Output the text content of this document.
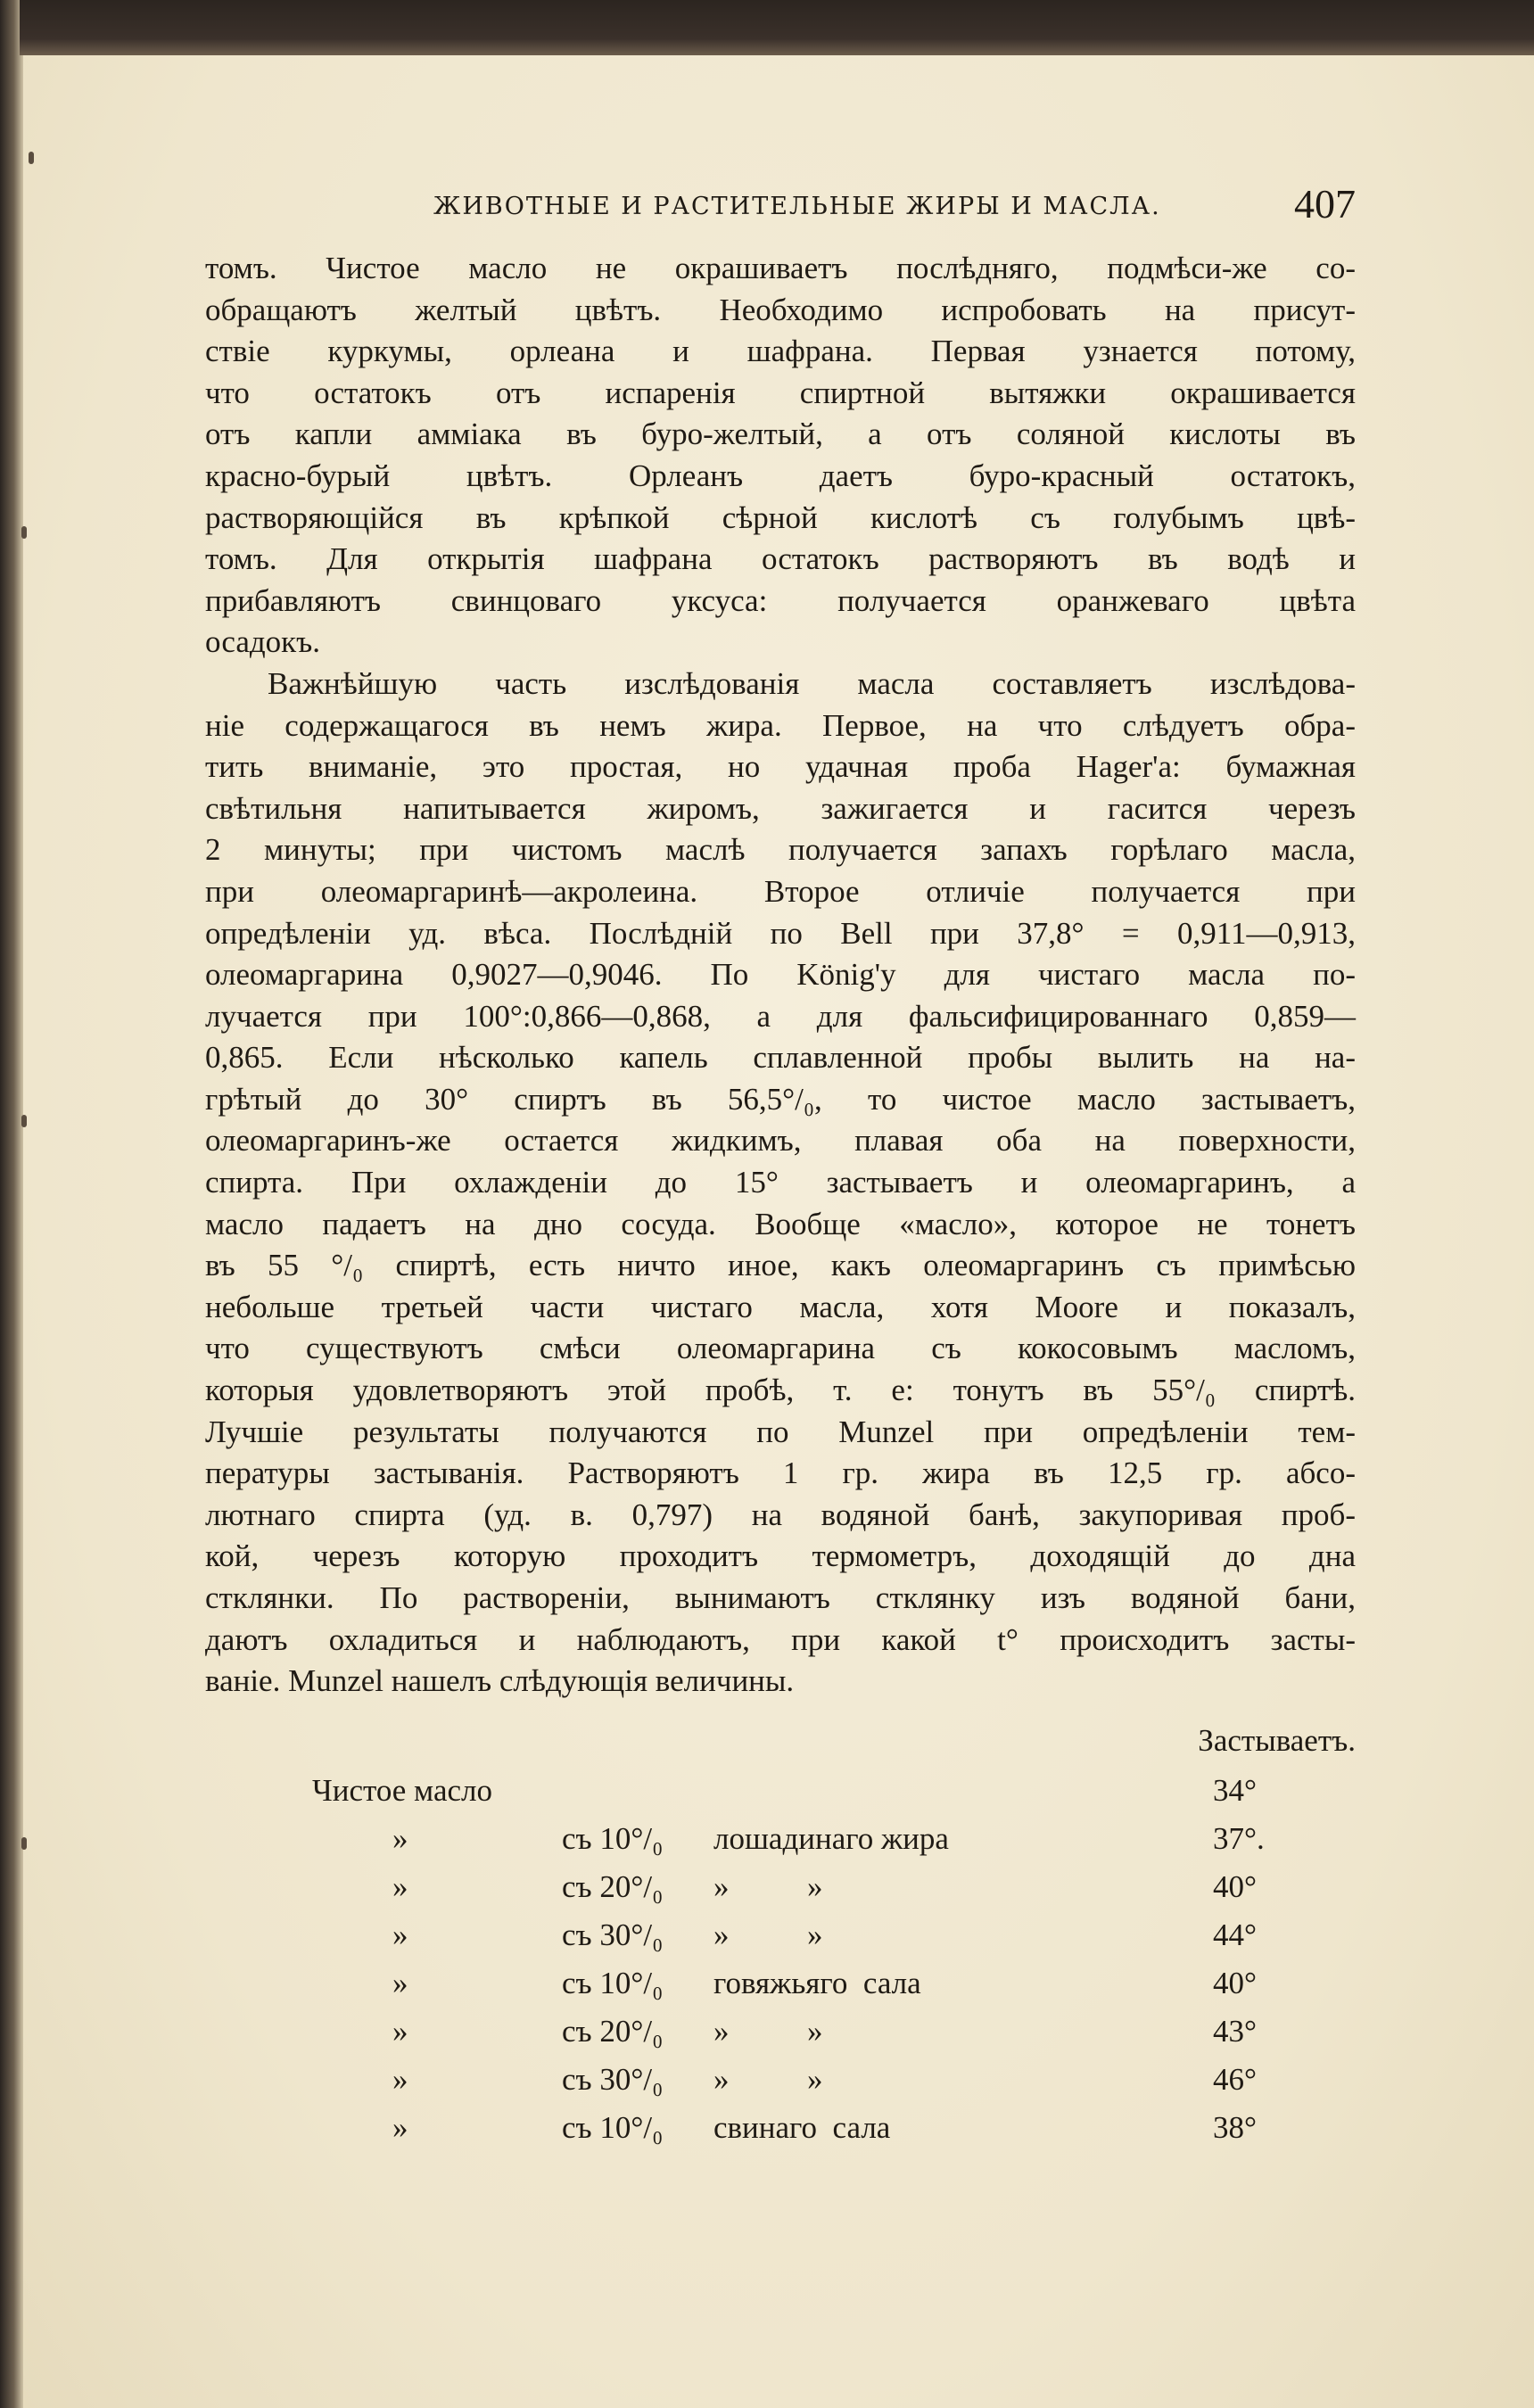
ЖИВОТНЫЕ И РАСТИТЕЛЬНЫЕ ЖИРЫ И МАСЛА.	407
томъ. Чистое масло не окрашиваетъ послѣдняго, подмѣси-же со-
обращаютъ желтый цвѣтъ. Необходимо испробовать на присут-
ствіе куркумы, орлеана и шафрана. Первая узнается потому,
что остатокъ отъ испаренія спиртной вытяжки окрашивается
отъ капли амміака въ буро-желтый, а отъ соляной кислоты въ
красно-бурый цвѣтъ. Орлеанъ даетъ буро-красный остатокъ,
растворяющійся въ крѣпкой сѣрной кислотѣ съ голубымъ цвѣ-
томъ. Для открытія шафрана остатокъ растворяютъ въ водѣ и
прибавляютъ свинцоваго уксуса: получается оранжеваго цвѣта
осадокъ.
Важнѣйшую часть изслѣдованія масла составляетъ изслѣдова-
ніе содержащагося въ немъ жира. Первое, на что слѣдуетъ обра-
тить вниманіе, это простая, но удачная проба Hager'a: бумажная
свѣтильня напитывается жиромъ, зажигается и гасится черезъ
2 минуты; при чистомъ маслѣ получается запахъ горѣлаго масла,
при олеомаргаринѣ—акролеина. Второе отличіе получается при
опредѣленіи уд. вѣса. Послѣдній по Bell при 37,8° = 0,911—0,913,
олеомаргарина 0,9027—0,9046. По König'у для чистаго масла по-
лучается при 100°:0,866—0,868, а для фальсифицированнаго 0,859—
0,865. Если нѣсколько капель сплавленной пробы вылить на на-
грѣтый до 30° спиртъ въ 56,5°/₀, то чистое масло застываетъ,
олеомаргаринъ-же остается жидкимъ, плавая оба на поверхности,
спирта. При охлажденіи до 15° застываетъ и олеомаргаринъ, а
масло падаетъ на дно сосуда. Вообще «масло», которое не тонетъ
въ 55 °/₀ спиртѣ, есть ничто иное, какъ олеомаргаринъ съ примѣсью
небольше третьей части чистаго масла, хотя Moore и показалъ,
что существуютъ смѣси олеомаргарина съ кокосовымъ масломъ,
которыя удовлетворяютъ этой пробѣ, т. е: тонутъ въ 55°/₀ спиртѣ.
Лучшіе результаты получаются по Munzel при опредѣленіи тем-
пературы застыванія. Растворяютъ 1 гр. жира въ 12,5 гр. абсо-
лютнаго спирта (уд. в. 0,797) на водяной банѣ, закупоривая проб-
кой, черезъ которую проходитъ термометръ, доходящій до дна
стклянки. По растворенiи, вынимаютъ стклянку изъ водяной бани,
даютъ охладиться и наблюдаютъ, при какой t° происходитъ засты-
ваніе. Munzel нашелъ слѣдующія величины.
Застываетъ.
Чистое масло	34°
»	съ 10°/₀ лошадинаго жира	37°.
»	съ 20°/₀ »          »	40°
»	съ 30°/₀ »          »	44°
»	съ 10°/₀ говяжьяго  сала	40°
»	съ 20°/₀ »          »	43°
»	съ 30°/₀ »          »	46°
»	съ 10°/₀ свинаго  сала	38°
